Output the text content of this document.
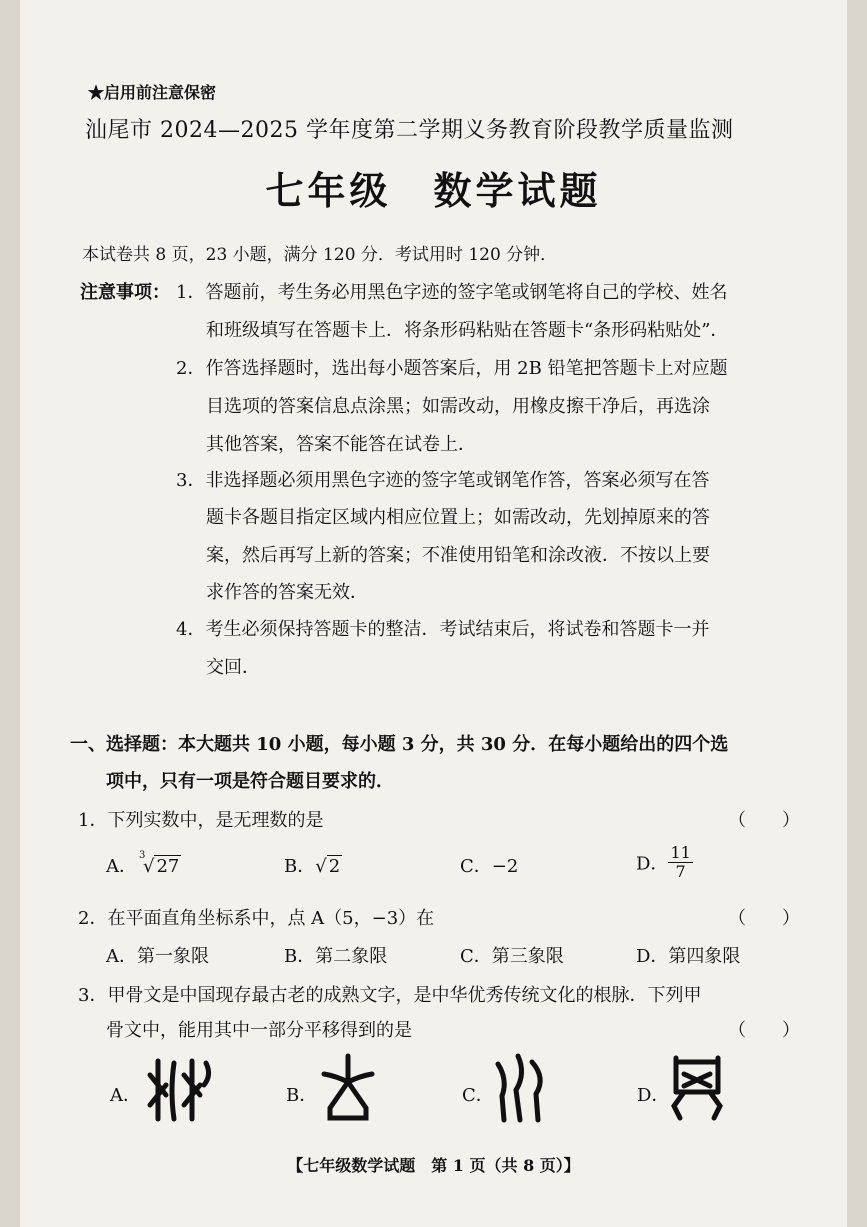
★启用前注意保密
汕尾市 2024—2025 学年度第二学期义务教育阶段教学质量监测
七年级　数学试题
本试卷共 8 页，23 小题，满分 120 分．考试用时 120 分钟．
注意事项： 1．答题前，考生务必用黑色字迹的签字笔或钢笔将自己的学校、姓名
和班级填写在答题卡上．将条形码粘贴在答题卡“条形码粘贴处”．
2．作答选择题时，选出每小题答案后，用 2B 铅笔把答题卡上对应题
目选项的答案信息点涂黑；如需改动，用橡皮擦干净后，再选涂
其他答案，答案不能答在试卷上．
3．非选择题必须用黑色字迹的签字笔或钢笔作答，答案必须写在答
题卡各题目指定区域内相应位置上；如需改动，先划掉原来的答
案，然后再写上新的答案；不准使用铅笔和涂改液．不按以上要
求作答的答案无效．
4．考生必须保持答题卡的整洁．考试结束后，将试卷和答题卡一并
交回．
一、选择题：本大题共 10 小题，每小题 3 分，共 30 分．在每小题给出的四个选
项中，只有一项是符合题目要求的．
1．下列实数中，是无理数的是	（　　）
A．
3
√ 27	B．√ 2	C．−2	D． $\frac{11}{7}$
2．在平面直角坐标系中，点 A（5，−3）在	（　　）
A．第一象限	B．第二象限	C．第三象限	D．第四象限
3．甲骨文是中国现存最古老的成熟文字，是中华优秀传统文化的根脉．下列甲
骨文中，能用其中一部分平移得到的是	（　　）
A．	B．	C．	D．
【七年级数学试题　第 1 页（共 8 页）】
